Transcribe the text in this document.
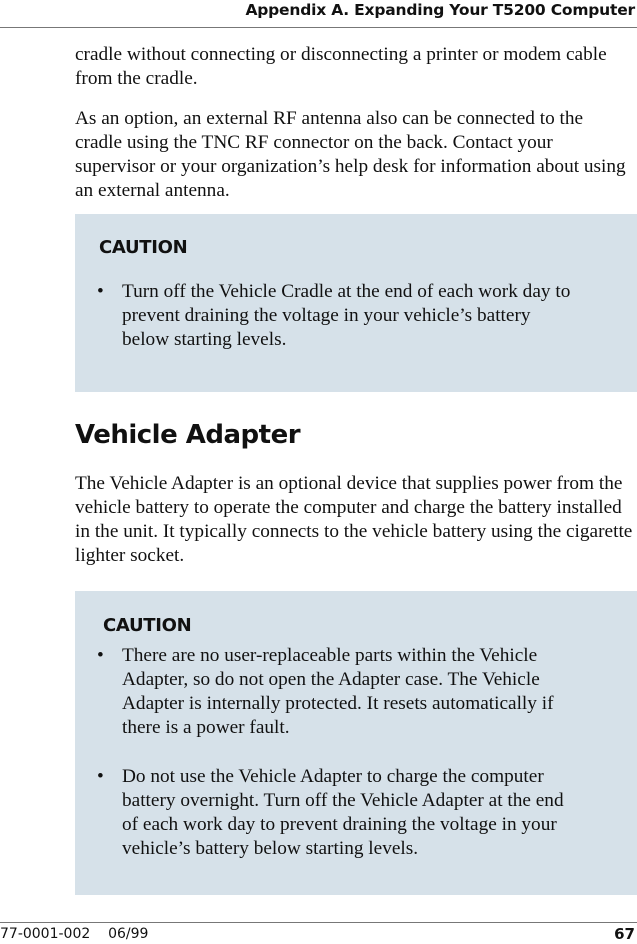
Appendix A. Expanding Your T5200 Computer

cradle without connecting or disconnecting a printer or modem cable from the cradle.

As an option, an external RF antenna also can be connected to the cradle using the TNC RF connector on the back. Contact your supervisor or your organization’s help desk for information about using an external antenna.

CAUTION
• Turn off the Vehicle Cradle at the end of each work day to
prevent draining the voltage in your vehicle’s battery
below starting levels.
Vehicle Adapter

The Vehicle Adapter is an optional device that supplies power from the vehicle battery to operate the computer and charge the battery installed in the unit. It typically connects to the vehicle battery using the cigarette lighter socket.

CAUTION
• There are no user-replaceable parts within the Vehicle
Adapter, so do not open the Adapter case. The Vehicle
Adapter is internally protected. It resets automatically if
there is a power fault.
• Do not use the Vehicle Adapter to charge the computer
battery overnight. Turn off the Vehicle Adapter at the end
of each work day to prevent draining the voltage in your
vehicle’s battery below starting levels.
77-0001-002    06/99	67
